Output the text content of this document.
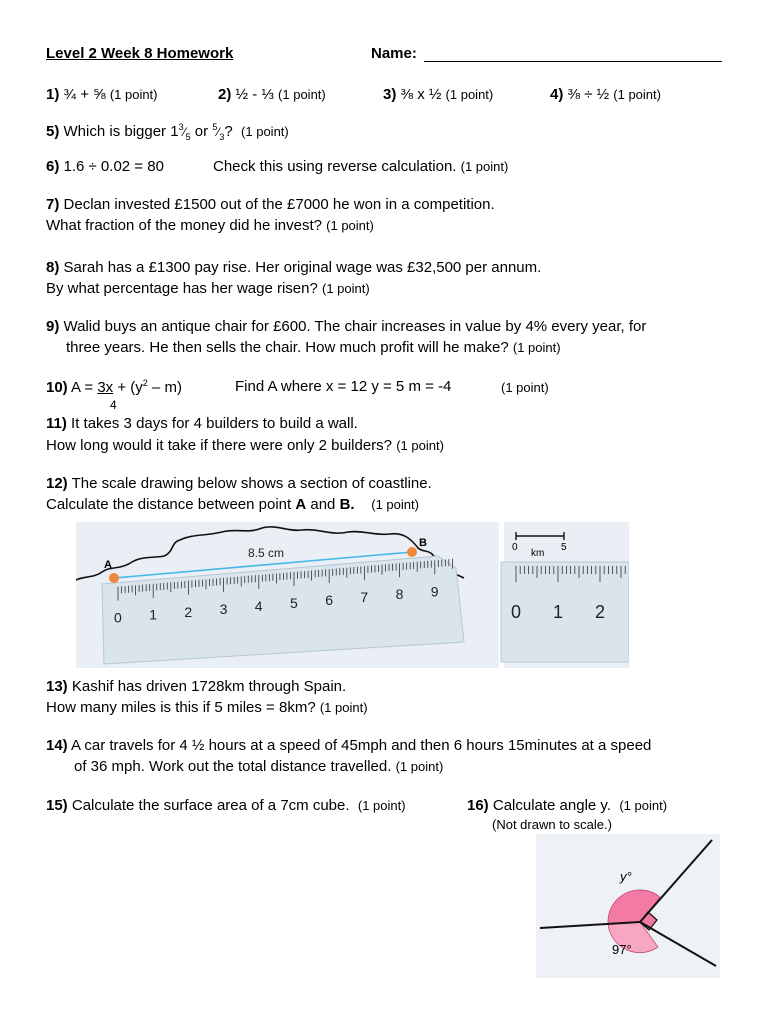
Level 2 Week 8 Homework	Name:
1) ¾ + ⅝ (1 point)	2) ½ - ⅓ (1 point)	3) ⅜ x ½ (1 point)	4) ⅜ ÷ ½ (1 point)
5) Which is bigger $1^3⁄_5$ or $^5⁄_3$? (1 point)
6) 1.6 ÷ 0.02 = 80	Check this using reverse calculation. (1 point)
7) Declan invested £1500 out of the £7000 he won in a competition.
What fraction of the money did he invest? (1 point)
8) Sarah has a £1300 pay rise. Her original wage was £32,500 per annum.
By what percentage has her wage risen? (1 point)
9) Walid buys an antique chair for £600. The chair increases in value by 4% every year, for
three years. He then sells the chair. How much profit will he make? (1 point)
10) $A = 3x + (y^2 - m)$
4
Find A where x = 12 y = 5 m = -4	(1 point)
11) It takes 3 days for 4 builders to build a wall.
How long would it take if there were only 2 builders? (1 point)
12) The scale drawing below shows a section of coastline.
Calculate the distance between point A and B. (1 point)
A
B
8.5 cm
0 1 2 3 4 5 6 7 8 9
0
km
5
0 1 2
13) Kashif has driven 1728km through Spain.
How many miles is this if 5 miles = 8km? (1 point)
14) A car travels for 4 ½ hours at a speed of 45mph and then 6 hours 15minutes at a speed
of 36 mph. Work out the total distance travelled. (1 point)
15) Calculate the surface area of a 7cm cube. (1 point)	16) Calculate angle y. (1 point)
(Not drawn to scale.)
y°
97°
